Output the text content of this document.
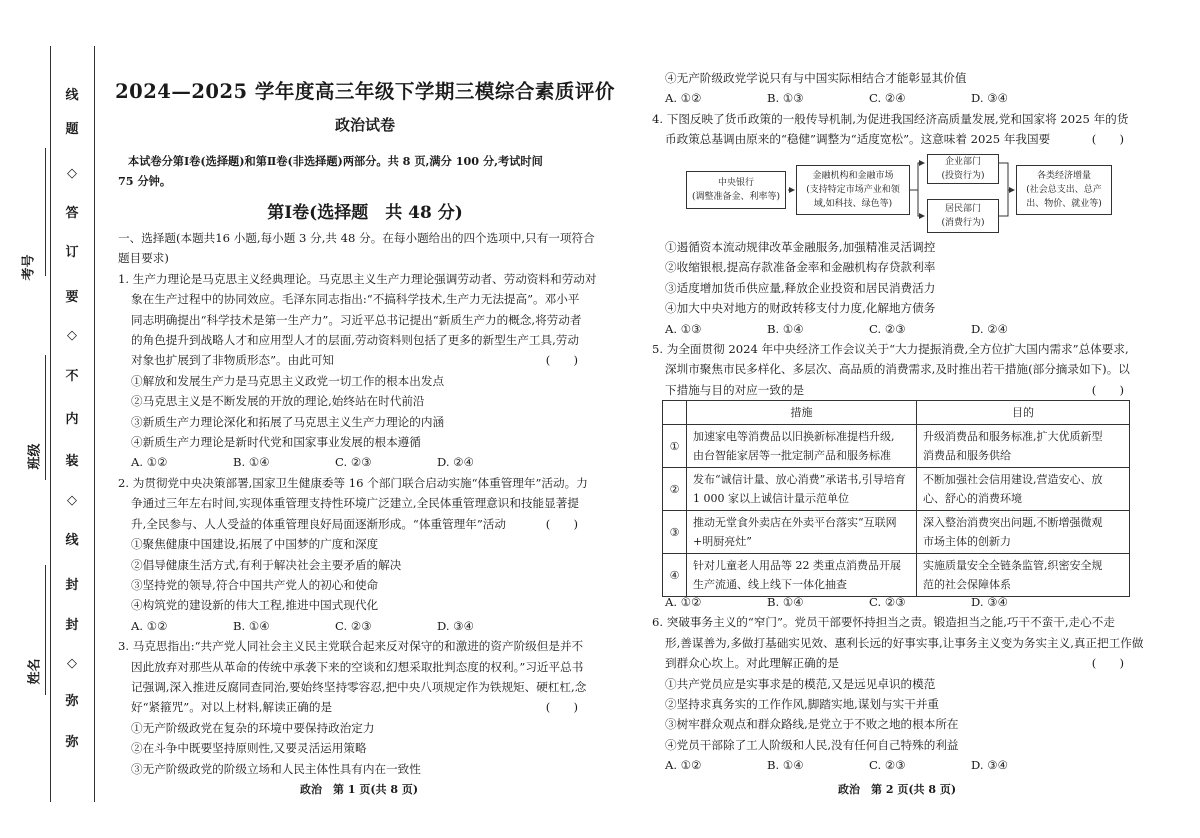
线
题
◇
答
订
要
◇
不
内
装
◇
线
封
封
◇
弥
弥
考号
班级
姓名
2024—2025 学年度高三年级下学期三模综合素质评价
政治试卷

本试卷分第Ⅰ卷(选择题)和第Ⅱ卷(非选择题)两部分。共 8 页,满分 100 分,考试时间

75 分钟。

第Ⅰ卷(选择题　共 48 分)

一、选择题(本题共16 小题,每小题 3 分,共 48 分。在每小题给出的四个选项中,只有一项符合

题目要求)

1. 生产力理论是马克思主义经典理论。马克思主义生产力理论强调劳动者、劳动资料和劳动对

象在生产过程中的协同效应。毛泽东同志指出:“不搞科学技术,生产力无法提高”。邓小平

同志明确提出“科学技术是第一生产力”。习近平总书记提出“新质生产力的概念,将劳动者

的角色提升到战略人才和应用型人才的层面,劳动资料则包括了更多的新型生产工具,劳动

对象也扩展到了非物质形态”。由此可知	(　　)

①解放和发展生产力是马克思主义政党一切工作的根本出发点

②马克思主义是不断发展的开放的理论,始终站在时代前沿

③新质生产力理论深化和拓展了马克思主义生产力理论的内涵

④新质生产力理论是新时代党和国家事业发展的根本遵循

A. ①②	B. ①④	C. ②③	D. ②④

2. 为贯彻党中央决策部署,国家卫生健康委等 16 个部门联合启动实施“体重管理年”活动。力

争通过三年左右时间,实现体重管理支持性环境广泛建立,全民体重管理意识和技能显著提

升,全民参与、人人受益的体重管理良好局面逐渐形成。“体重管理年”活动	(　　)

①聚焦健康中国建设,拓展了中国梦的广度和深度

②倡导健康生活方式,有利于解决社会主要矛盾的解决

③坚持党的领导,符合中国共产党人的初心和使命

④构筑党的建设新的伟大工程,推进中国式现代化

A. ①②	B. ①④	C. ②③	D. ③④

3. 马克思指出:“共产党人同社会主义民主党联合起来反对保守的和激进的资产阶级但是并不

因此放弃对那些从革命的传统中承袭下来的空谈和幻想采取批判态度的权利。”习近平总书

记强调,深入推进反腐同查同治,要始终坚持零容忍,把中央八项规定作为铁规矩、硬杠杠,念

好“紧箍咒”。对以上材料,解读正确的是	(　　)

①无产阶级政党在复杂的环境中要保持政治定力

②在斗争中既要坚持原则性,又要灵活运用策略

③无产阶级政党的阶级立场和人民主体性具有内在一致性

政治　第 1 页(共 8 页)

④无产阶级政党学说只有与中国实际相结合才能彰显其价值

A. ①②	B. ①③	C. ②④	D. ③④

4. 下图反映了货币政策的一般传导机制,为促进我国经济高质量发展,党和国家将 2025 年的货

币政策总基调由原来的“稳健”调整为“适度宽松”。这意味着 2025 年我国要	(　　)

中央银行
(调整准备金、利率等)
金融机构和金融市场
(支持特定市场产业和领
域,如科技、绿色等)
企业部门
(投资行为)
居民部门
(消费行为)
各类经济增量
(社会总支出、总产
出、物价、就业等)

①遏循资本流动规律改革金融服务,加强精准灵活调控

②收缩银根,提高存款准备金率和金融机构存贷款利率

③适度增加货币供应量,释放企业投资和居民消费活力

④加大中央对地方的财政转移支付力度,化解地方债务

A. ①③	B. ①④	C. ②③	D. ②④

5. 为全面贯彻 2024 年中央经济工作会议关于“大力提振消费,全方位扩大国内需求”总体要求,

深圳市聚焦市民多样化、多层次、高品质的消费需求,及时推出若干措施(部分摘录如下)。以

下措施与目的对应一致的是	(　　)

	措施	目的
①	加速家电等消费品以旧换新标准提档升级,
由台智能家居等一批定制产品和服务标准	升级消费品和服务标准,扩大优质新型
消费品和服务供给
②	发布“诚信计量、放心消费”承诺书,引导培育
1 000 家以上诚信计量示范单位	不断加强社会信用建设,营造安心、放
心、舒心的消费环境
③	推动无堂食外卖店在外卖平台落实“互联网
+明厨亮灶”	深入整治消费突出问题,不断增强微观
市场主体的创新力
④	针对儿童老人用品等 22 类重点消费品开展
生产流通、线上线下一体化抽查	实施质量安全全链条监管,织密安全规
范的社会保障体系
A. ①②	B. ①④	C. ②③	D. ③④

6. 突破事务主义的“窄门”。党员干部要怀持担当之责。锻造担当之能,巧干不蛮干,走心不走

形,善谋善为,多做打基础实见效、惠利长远的好事实事,让事务主义变为务实主义,真正把工作做

到群众心坎上。对此理解正确的是	(　　)

①共产党员应是实事求是的模范,又是远见卓识的模范

②坚持求真务实的工作作风,脚踏实地,谋划与实干并重

③树牢群众观点和群众路线,是党立于不败之地的根本所在

④党员干部除了工人阶级和人民,没有任何自己特殊的利益

A. ①②	B. ①④	C. ②③	D. ③④
政治　第 2 页(共 8 页)
